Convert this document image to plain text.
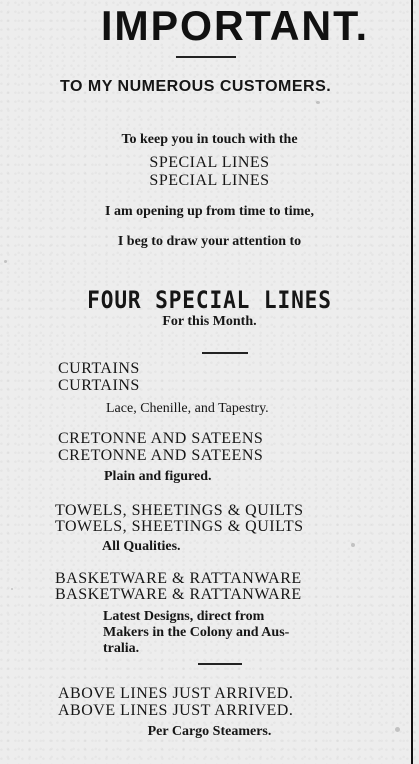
IMPORTANT.
TO MY NUMEROUS CUSTOMERS.
To keep you in touch with the
SPECIAL LINES
SPECIAL LINES
I am opening up from time to time,
I beg to draw your attention to
FOUR SPECIAL LINES
For this Month.
CURTAINS
CURTAINS
Lace, Chenille, and Tapestry.
CRETONNE AND SATEENS
CRETONNE AND SATEENS
Plain and figured.
TOWELS, SHEETINGS & QUILTS
TOWELS, SHEETINGS & QUILTS
All Qualities.
BASKETWARE & RATTANWARE
BASKETWARE & RATTANWARE
Latest Designs, direct from
Makers in the Colony and Aus-
tralia.
ABOVE LINES JUST ARRIVED.
ABOVE LINES JUST ARRIVED.
Per Cargo Steamers.
